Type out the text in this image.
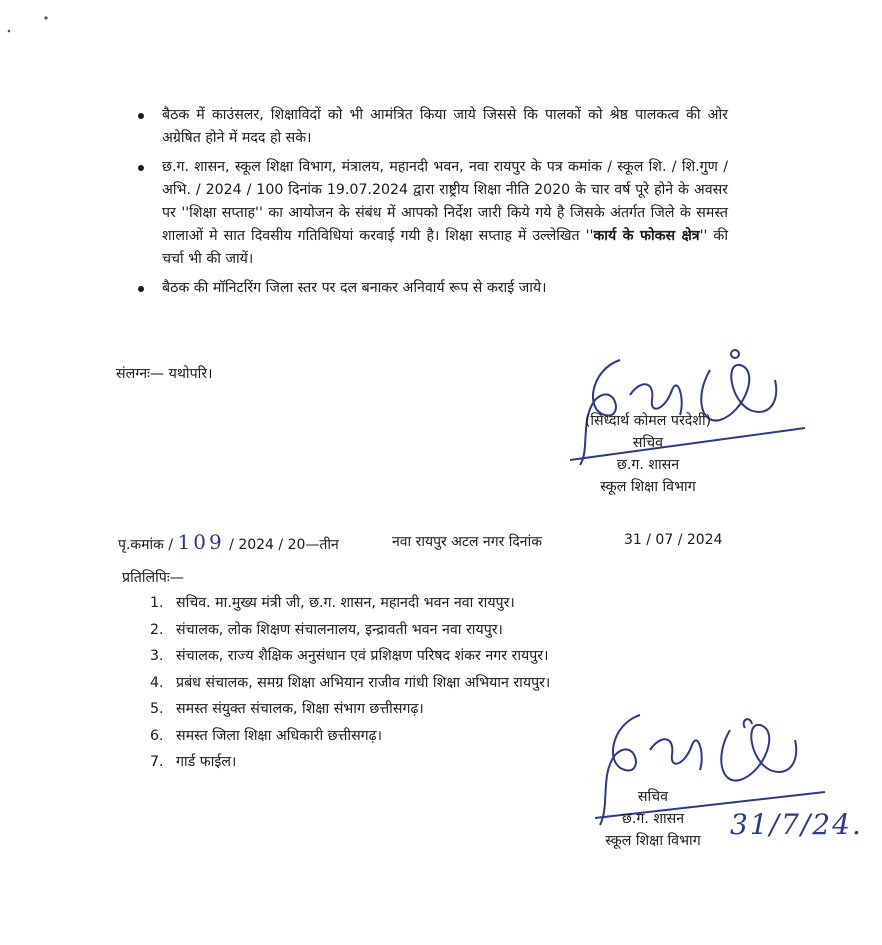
बैठक में काउंसलर, शिक्षाविदों को भी आमंत्रित किया जाये जिससे कि पालकों को श्रेष्ठ पालकत्व की ओर अग्रेषित होने में मदद हो सके।
छ.ग. शासन, स्कूल शिक्षा विभाग, मंत्रालय, महानदी भवन, नवा रायपुर के पत्र कमांक / स्कूल शि. / शि.गुण / अभि. / 2024 / 100 दिनांक 19.07.2024 द्वारा राष्ट्रीय शिक्षा नीति 2020 के चार वर्ष पूरे होने के अवसर पर ''शिक्षा सप्ताह'' का आयोजन के संबंध में आपको निर्देश जारी किये गये है जिसके अंतर्गत जिले के समस्त शालाओं मे सात दिवसीय गतिविधियां करवाई गयी है। शिक्षा सप्ताह में उल्लेखित ''कार्य के फोकस क्षेत्र'' की चर्चा भी की जायें।
बैठक की मॉनिटरिंग जिला स्तर पर दल बनाकर अनिवार्य रूप से कराई जाये।
संलग्नः— यथोपरि।
(सिध्दार्थ कोमल परदेशी)
सचिव
छ.ग. शासन
स्कूल शिक्षा विभाग
पृ.कमांक / 109 / 2024 / 20—तीन	नवा रायपुर अटल नगर दिनांक	31 / 07 / 2024
प्रतिलिपिः—
1. सचिव. मा.मुख्य मंत्री जी, छ.ग. शासन, महानदी भवन नवा रायपुर।
2. संचालक, लोक शिक्षण संचालनालय, इन्द्रावती भवन नवा रायपुर।
3. संचालक, राज्य शैक्षिक अनुसंधान एवं प्रशिक्षण परिषद शंकर नगर रायपुर।
4. प्रबंध संचालक, समग्र शिक्षा अभियान राजीव गांधी शिक्षा अभियान रायपुर।
5. समस्त संयुक्त संचालक, शिक्षा संभाग छत्तीसगढ़।
6. समस्त जिला शिक्षा अधिकारी छत्तीसगढ़।
7. गार्ड फाईल।
सचिव
छ.ग. शासन
स्कूल शिक्षा विभाग	31/7/24.
